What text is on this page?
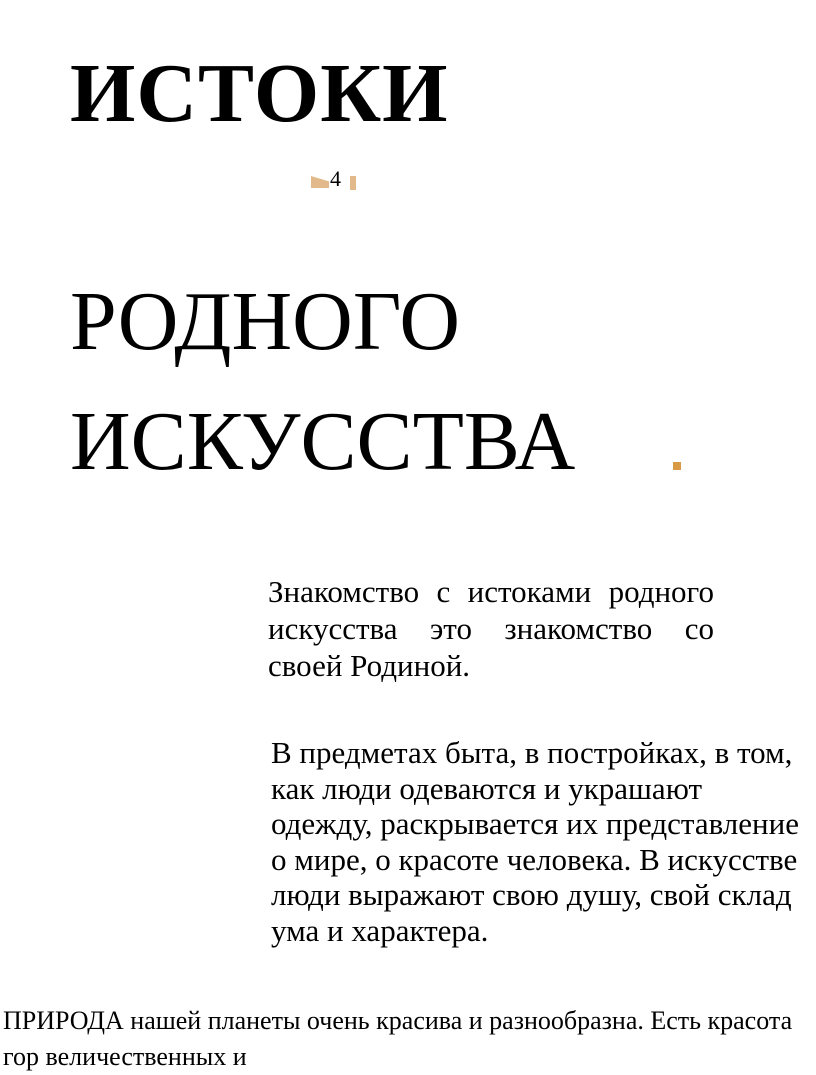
ИСТОКИ
4
РОДНОГО
ИСКУССТВА

Знакомство с истоками родного искусства это знакомство со своей Родиной.

В предметах быта, в постройках, в том, как люди одеваются и украшают одежду, раскрывается их представление о мире, о красоте человека. В искусстве люди выражают свою душу, свой склад ума и характера.

ПРИРОДА нашей планеты очень красива и разнообразна. Есть красота гор величественных и
